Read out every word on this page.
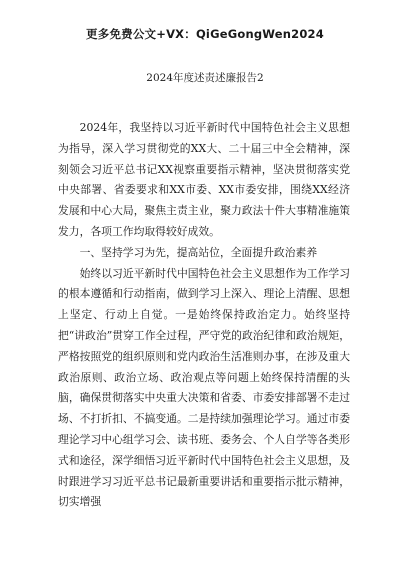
更多免费公文+VX：QiGeGongWen2024
2024年度述责述廉报告2

2024年，我坚持以习近平新时代中国特色社会主义思想为指导，深入学习贯彻党的XX大、二十届三中全会精神，深刻领会习近平总书记XX视察重要指示精神，坚决贯彻落实党中央部署、省委要求和XX市委、XX市委安排，围绕XX经济发展和中心大局，聚焦主责主业，聚力政法十件大事精准施策发力，各项工作均取得较好成效。

一、坚持学习为先，提高站位，全面提升政治素养

始终以习近平新时代中国特色社会主义思想作为工作学习的根本遵循和行动指南，做到学习上深入、理论上清醒、思想上坚定、行动上自觉。一是始终保持政治定力。始终坚持把“讲政治”贯穿工作全过程，严守党的政治纪律和政治规矩，严格按照党的组织原则和党内政治生活准则办事，在涉及重大政治原则、政治立场、政治观点等问题上始终保持清醒的头脑，确保贯彻落实中央重大决策和省委、市委安排部署不走过场、不打折扣、不搞变通。二是持续加强理论学习。通过市委理论学习中心组学习会、读书班、委务会、个人自学等各类形式和途径，深学细悟习近平新时代中国特色社会主义思想，及时跟进学习习近平总书记最新重要讲话和重要指示批示精神，切实增强
